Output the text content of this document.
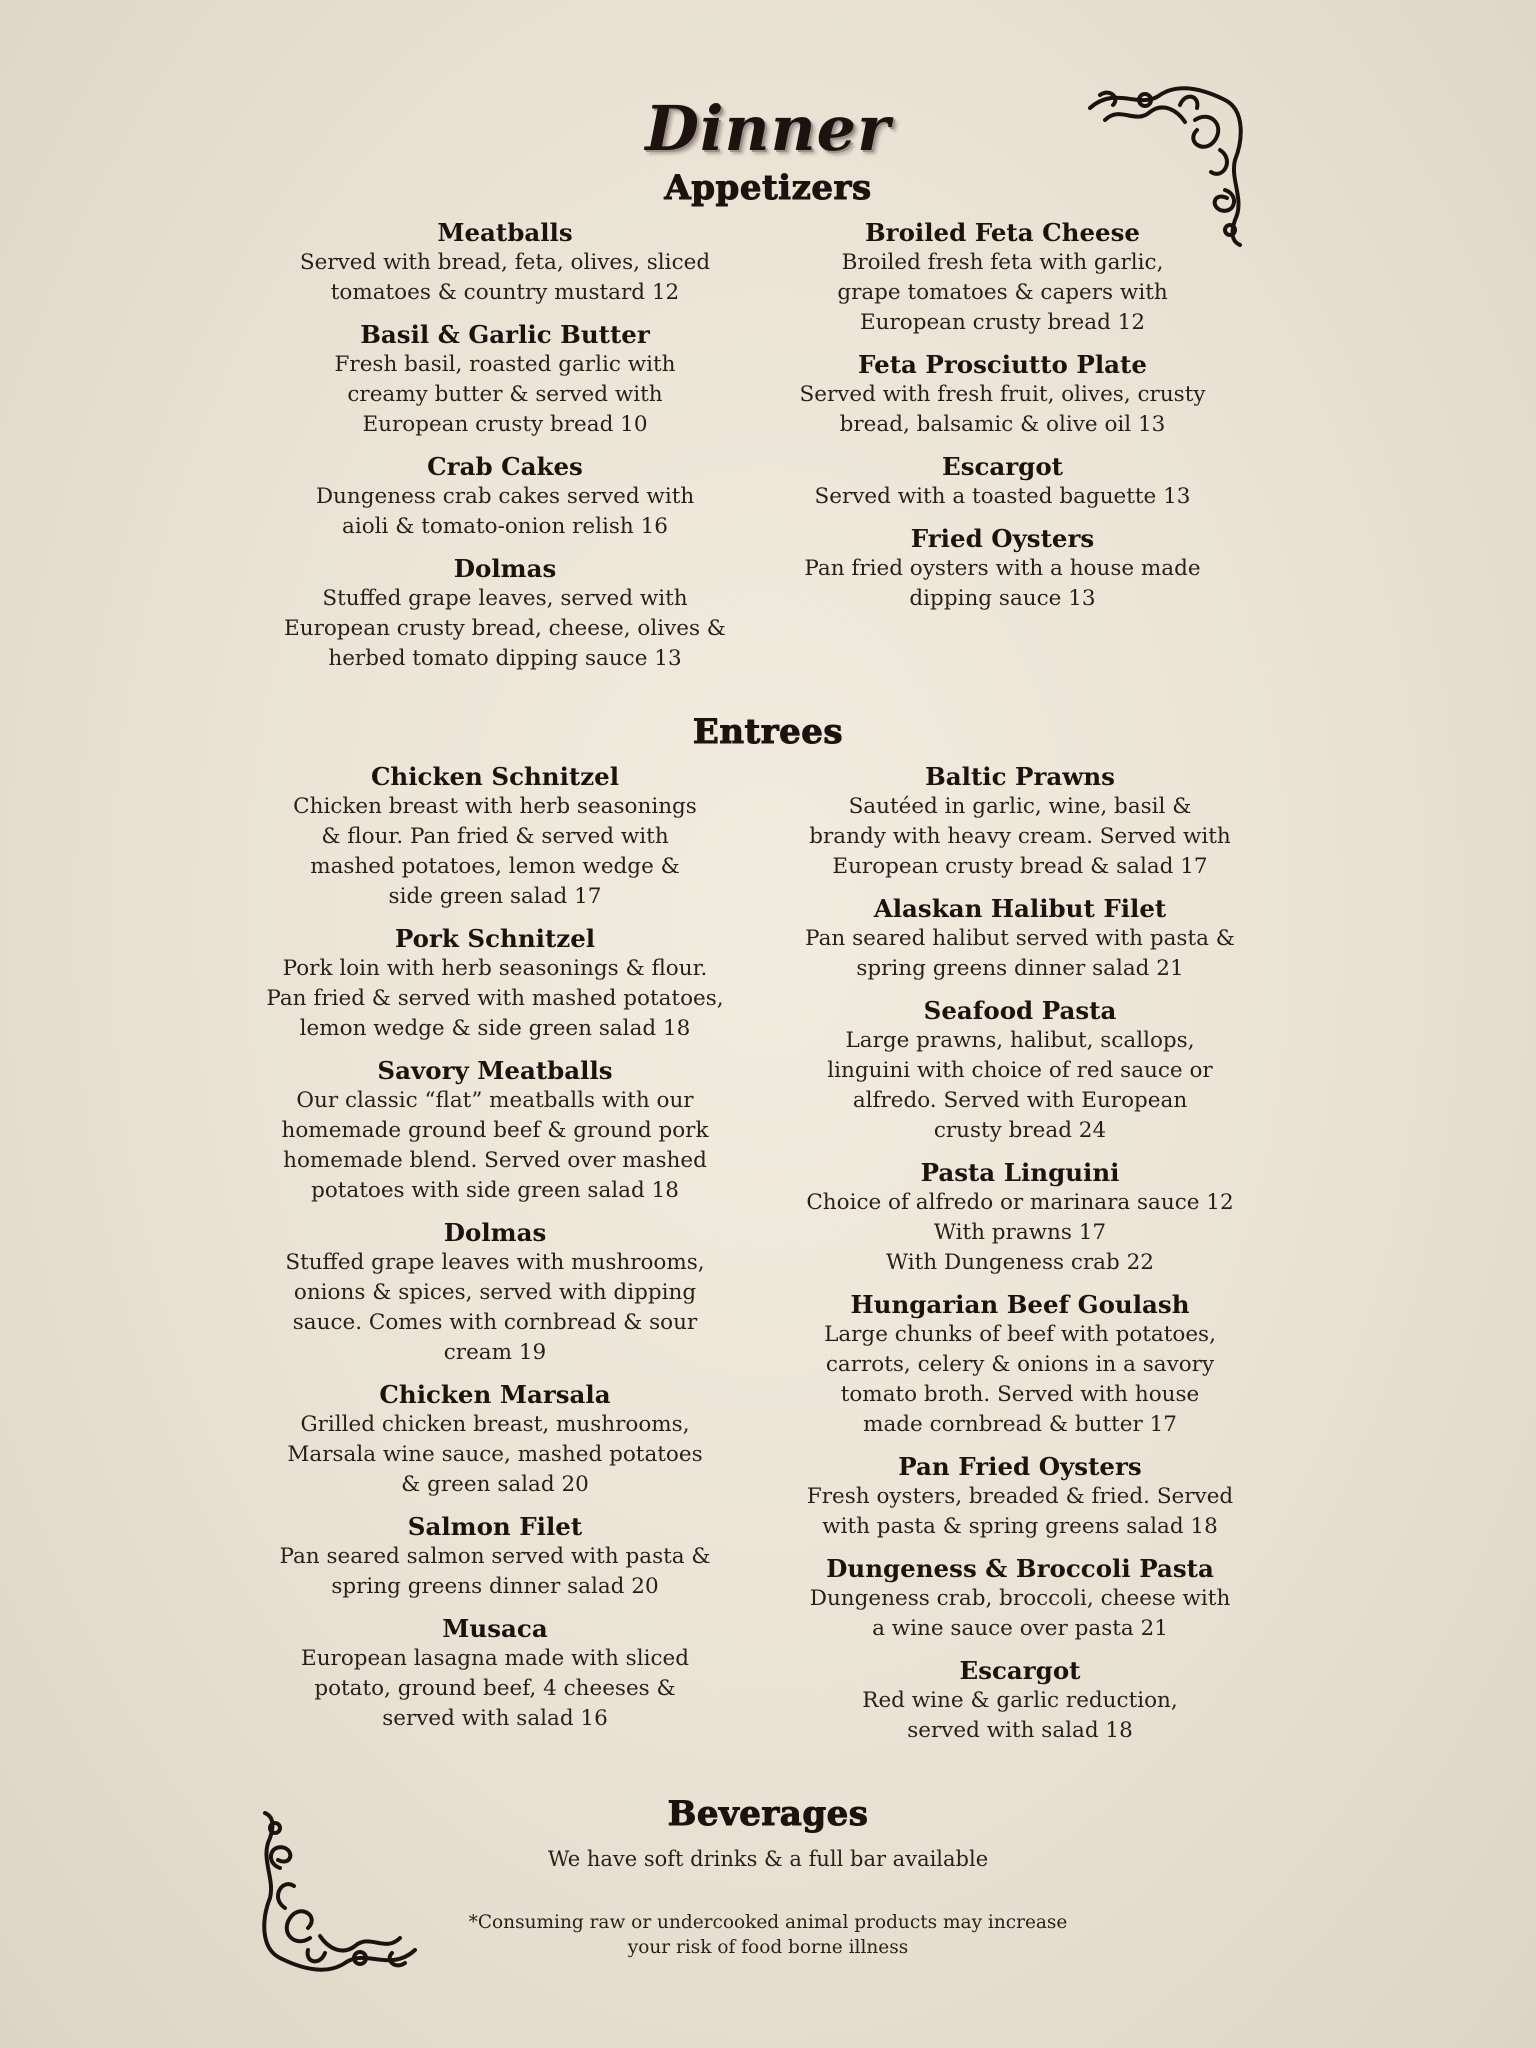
Dinner
Appetizers
Meatballs
Served with bread, feta, olives, sliced
tomatoes & country mustard 12
Basil & Garlic Butter
Fresh basil, roasted garlic with
creamy butter & served with
European crusty bread 10
Crab Cakes
Dungeness crab cakes served with
aioli & tomato-onion relish 16
Dolmas
Stuffed grape leaves, served with
European crusty bread, cheese, olives &
herbed tomato dipping sauce 13
Broiled Feta Cheese
Broiled fresh feta with garlic,
grape tomatoes & capers with
European crusty bread 12
Feta Prosciutto Plate
Served with fresh fruit, olives, crusty
bread, balsamic & olive oil 13
Escargot
Served with a toasted baguette 13
Fried Oysters
Pan fried oysters with a house made
dipping sauce 13
Entrees
Chicken Schnitzel
Chicken breast with herb seasonings
& flour. Pan fried & served with
mashed potatoes, lemon wedge &
side green salad 17
Pork Schnitzel
Pork loin with herb seasonings & flour.
Pan fried & served with mashed potatoes,
lemon wedge & side green salad 18
Savory Meatballs
Our classic “flat” meatballs with our
homemade ground beef & ground pork
homemade blend. Served over mashed
potatoes with side green salad 18
Dolmas
Stuffed grape leaves with mushrooms,
onions & spices, served with dipping
sauce. Comes with cornbread & sour
cream 19
Chicken Marsala
Grilled chicken breast, mushrooms,
Marsala wine sauce, mashed potatoes
& green salad 20
Salmon Filet
Pan seared salmon served with pasta &
spring greens dinner salad 20
Musaca
European lasagna made with sliced
potato, ground beef, 4 cheeses &
served with salad 16
Baltic Prawns
Sautéed in garlic, wine, basil &
brandy with heavy cream. Served with
European crusty bread & salad 17
Alaskan Halibut Filet
Pan seared halibut served with pasta &
spring greens dinner salad 21
Seafood Pasta
Large prawns, halibut, scallops,
linguini with choice of red sauce or
alfredo. Served with European
crusty bread 24
Pasta Linguini
Choice of alfredo or marinara sauce 12
With prawns 17
With Dungeness crab 22
Hungarian Beef Goulash
Large chunks of beef with potatoes,
carrots, celery & onions in a savory
tomato broth. Served with house
made cornbread & butter 17
Pan Fried Oysters
Fresh oysters, breaded & fried. Served
with pasta & spring greens salad 18
Dungeness & Broccoli Pasta
Dungeness crab, broccoli, cheese with
a wine sauce over pasta 21
Escargot
Red wine & garlic reduction,
served with salad 18
Beverages
We have soft drinks & a full bar available
*Consuming raw or undercooked animal products may increase
your risk of food borne illness
